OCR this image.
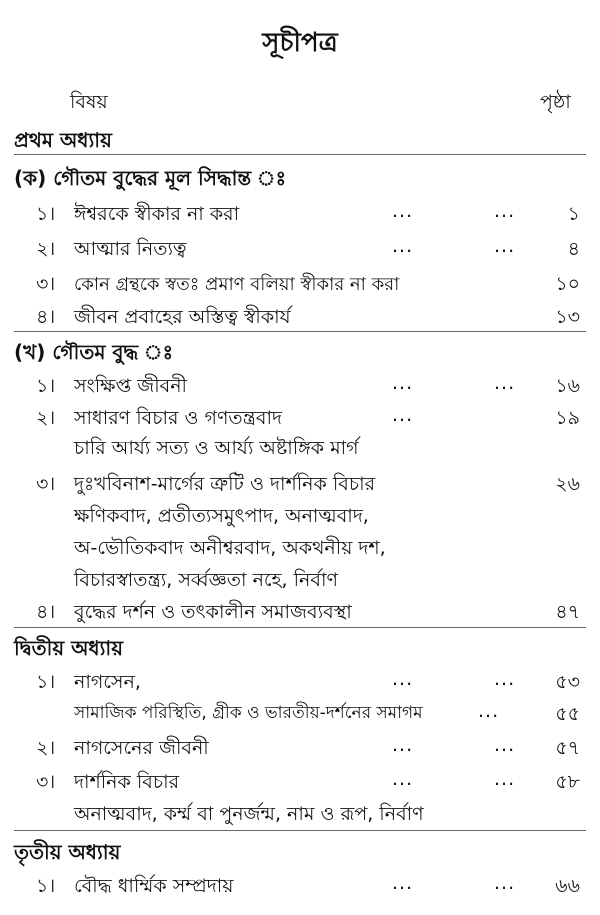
সূচীপত্র
বিষয়	পৃষ্ঠা
প্রথম অধ্যায়
(ক) গৌতম বুদ্ধের মূল সিদ্ধান্ত ঃ
১। ঈশ্বরকে স্বীকার না করা	...	...	১
২। আত্মার নিত্যত্ব	...	...	৪
৩। কোন গ্রন্থকে স্বতঃ প্রমাণ বলিয়া স্বীকার না করা	১০
৪। জীবন প্রবাহের অস্তিত্ব স্বীকার্য	১৩
(খ) গৌতম বুদ্ধ ঃ
১। সংক্ষিপ্ত জীবনী	...	...	১৬
২। সাধারণ বিচার ও গণতন্ত্রবাদ	...	১৯
চারি আর্য্য সত্য ও আর্য্য অষ্টাঙ্গিক মার্গ
৩। দুঃখবিনাশ-মার্গের ত্রুটি ও দার্শনিক বিচার	২৬
ক্ষণিকবাদ, প্রতীত্যসমুৎপাদ, অনাত্মবাদ,
অ-ভৌতিকবাদ অনীশ্বরবাদ, অকথনীয় দশ,
বিচারস্বাতন্ত্র্য, সর্ব্বজ্ঞতা নহে, নির্বাণ
৪। বুদ্ধের দর্শন ও তৎকালীন সমাজব্যবস্থা	৪৭
দ্বিতীয় অধ্যায়
১। নাগসেন,	...	...	৫৩
সামাজিক পরিস্থিতি, গ্রীক ও ভারতীয়-দর্শনের সমাগম	...	৫৫
২। নাগসেনের জীবনী	...	...	৫৭
৩। দার্শনিক বিচার	...	...	৫৮
অনাত্মবাদ, কর্ম্ম বা পুনর্জন্ম, নাম ও রূপ, নির্বাণ
তৃতীয় অধ্যায়
১। বৌদ্ধ ধার্ম্মিক সম্প্রদায়	...	...	৬৬
